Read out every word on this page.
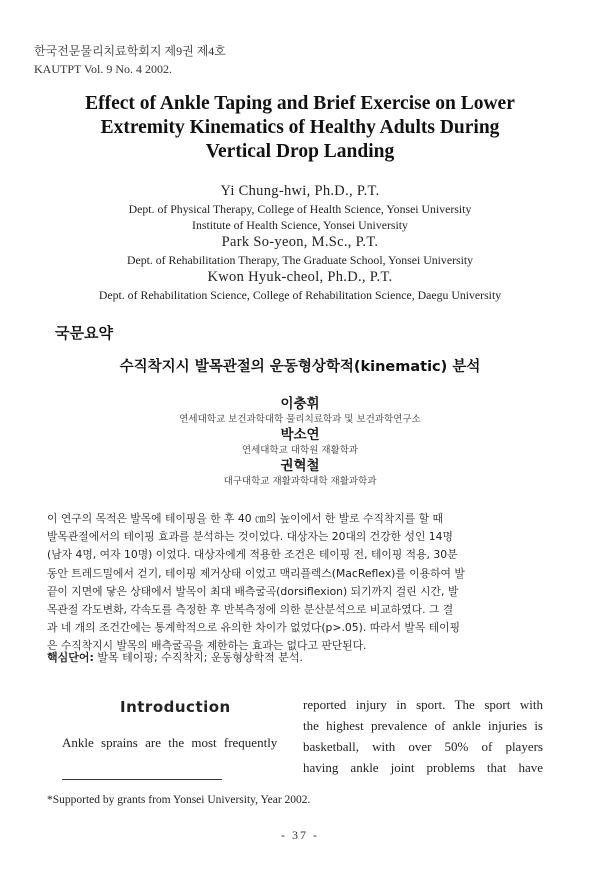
한국전문물리치료학회지 제9권 제4호
KAUTPT Vol. 9 No. 4 2002.
Effect of Ankle Taping and Brief Exercise on Lower
Extremity Kinematics of Healthy Adults During
Vertical Drop Landing
Yi Chung-hwi, Ph.D., P.T.
Dept. of Physical Therapy, College of Health Science, Yonsei University
Institute of Health Science, Yonsei University
Park So-yeon, M.Sc., P.T.
Dept. of Rehabilitation Therapy, The Graduate School, Yonsei University
Kwon Hyuk-cheol, Ph.D., P.T.
Dept. of Rehabilitation Science, College of Rehabilitation Science, Daegu University
국문요약
수직착지시 발목관절의 운동형상학적(kinematic) 분석
이충휘
연세대학교 보건과학대학 물리치료학과 및 보건과학연구소
박소연
연세대학교 대학원 재활학과
권혁철
대구대학교 재활과학대학 재활과학과
이 연구의 목적은 발목에 테이핑을 한 후 40 ㎝의 높이에서 한 발로 수직착지를 할 때
발목관절에서의 테이핑 효과를 분석하는 것이었다. 대상자는 20대의 건강한 성인 14명
(남자 4명, 여자 10명) 이었다. 대상자에게 적용한 조건은 테이핑 전, 테이핑 적용, 30분
동안 트레드밀에서 걷기, 테이핑 제거상태 이었고 맥리플렉스(MacReflex)를 이용하여 발
끝이 지면에 닿은 상태에서 발목이 최대 배측굴곡(dorsiflexion) 되기까지 걸린 시간, 발
목관절 각도변화, 각속도를 측정한 후 반복측정에 의한 분산분석으로 비교하였다. 그 결
과 네 개의 조건간에는 통계학적으로 유의한 차이가 없었다(p>.05). 따라서 발목 테이핑
은 수직착지시 발목의 배측굴곡을 제한하는 효과는 없다고 판단된다.
핵심단어: 발목 테이핑; 수직착지; 운동형상학적 분석.
Introduction
Ankle sprains are the most frequently
reported injury in sport. The sport with
the highest prevalence of ankle injuries is
basketball, with over 50% of players
having ankle joint problems that have
*Supported by grants from Yonsei University, Year 2002.
- 37 -
